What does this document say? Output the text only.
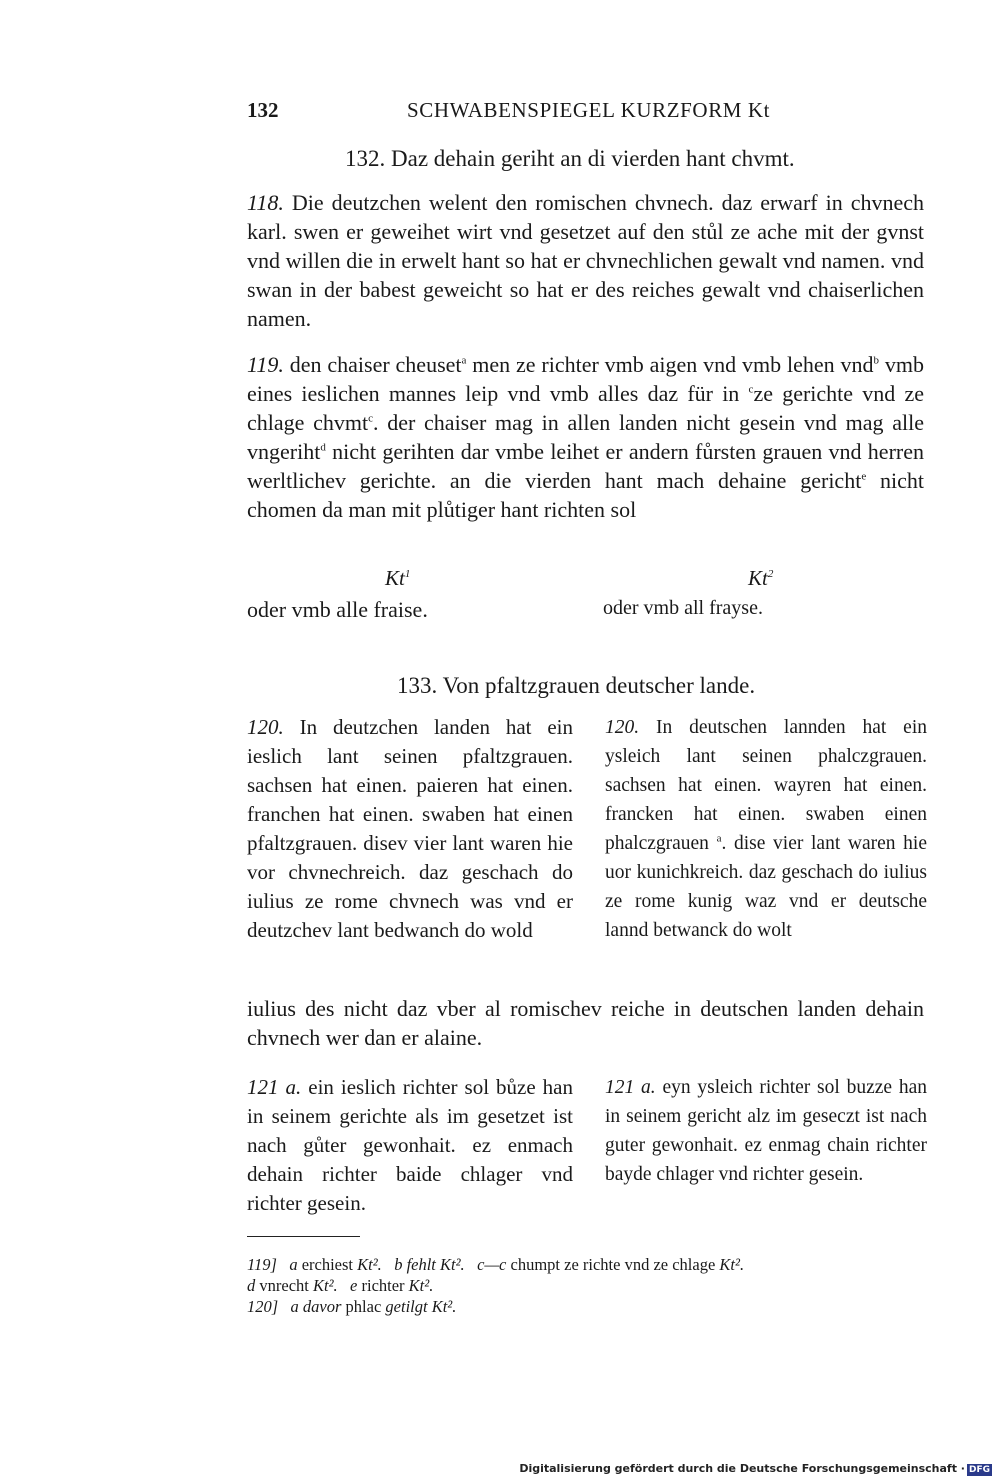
132	SCHWABENSPIEGEL KURZFORM Kt
132. Daz dehain geriht an di vierden hant chvmt.

118. Die deutzchen welent den romischen chvnech. daz erwarf in chvnech karl. swen er geweihet wirt vnd gesetzet auf den stůl ze ache mit der gvnst vnd willen die in erwelt hant so hat er chvnechlichen gewalt vnd namen. vnd swan in der babest geweicht so hat er des reiches gewalt vnd chaiserlichen namen.

119. den chaiser cheuset$^a$ men ze richter vmb aigen vnd vmb lehen vnd$^b$ vmb eines ieslichen mannes leip vnd vmb alles daz für in $^c$ze gerichte vnd ze chlage chvmt$^c$. der chaiser mag in allen landen nicht gesein vnd mag alle vngeriht$^d$ nicht gerihten dar vmbe leihet er andern fůrsten grauen vnd herren werltlichev gerichte. an die vierden hant mach dehaine gericht$^e$ nicht chomen da man mit plůtiger hant richten sol

Kt$^1$	Kt$^2$
oder vmb alle fraise.	oder vmb all frayse.
133. Von pfaltzgrauen deutscher lande.
120. In deutzchen landen hat ein ieslich lant seinen pfaltzgrauen. sachsen hat einen. paieren hat einen. franchen hat einen. swaben hat einen pfaltzgrauen. disev vier lant waren hie vor chvnechreich. daz geschach do iulius ze rome chvnech was vnd er deutzchev lant bedwanch do wold
120. In deutschen lannden hat ein ysleich lant seinen phalczgrauen. sachsen hat einen. wayren hat einen. francken hat einen. swaben einen phalczgrauen $^a$. dise vier lant waren hie uor kunichkreich. daz geschach do iulius ze rome kunig waz vnd er deutsche lannd betwanck do wolt

iulius des nicht daz vber al romischev reiche in deutschen landen dehain chvnech wer dan er alaine.

121 a. ein ieslich richter sol bůze han in seinem gerichte als im gesetzet ist nach gůter gewonhait. ez enmach dehain richter baide chlager vnd richter gesein.
121 a. eyn ysleich richter sol buzze han in seinem gericht alz im geseczt ist nach guter gewonhait. ez enmag chain richter bayde chlager vnd richter gesein.
119] a erchiest Kt². b fehlt Kt². c—c chumpt ze richte vnd ze chlage Kt².
d vnrecht Kt². e richter Kt².
120] a davor phlac getilgt Kt².
Digitalisierung gefördert durch die Deutsche Forschungsgemeinschaft · DFG
